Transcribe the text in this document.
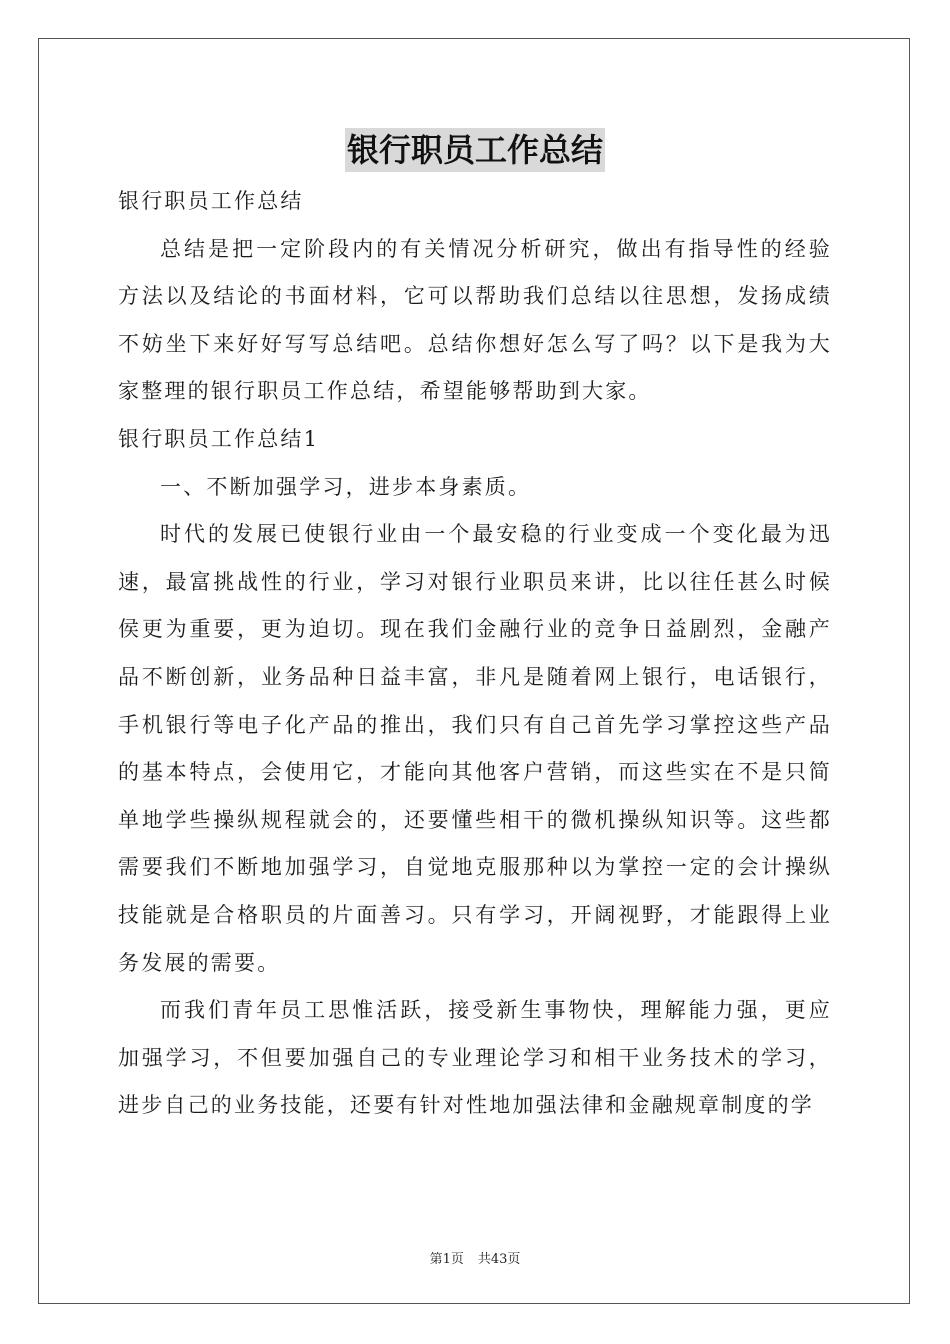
银行职员工作总结

银行职员工作总结

总结是把一定阶段内的有关情况分析研究，做出有指导性的经验方法以及结论的书面材料，它可以帮助我们总结以往思想，发扬成绩不妨坐下来好好写写总结吧。总结你想好怎么写了吗？以下是我为大家整理的银行职员工作总结，希望能够帮助到大家。

银行职员工作总结1

一、不断加强学习，进步本身素质。

时代的发展已使银行业由一个最安稳的行业变成一个变化最为迅速，最富挑战性的行业，学习对银行业职员来讲，比以往任甚么时候侯更为重要，更为迫切。现在我们金融行业的竞争日益剧烈，金融产品不断创新，业务品种日益丰富，非凡是随着网上银行，电话银行，手机银行等电子化产品的推出，我们只有自己首先学习掌控这些产品的基本特点，会使用它，才能向其他客户营销，而这些实在不是只简单地学些操纵规程就会的，还要懂些相干的微机操纵知识等。这些都需要我们不断地加强学习，自觉地克服那种以为掌控一定的会计操纵技能就是合格职员的片面善习。只有学习，开阔视野，才能跟得上业务发展的需要。

而我们青年员工思惟活跃，接受新生事物快，理解能力强，更应加强学习，不但要加强自己的专业理论学习和相干业务技术的学习，进步自己的业务技能，还要有针对性地加强法律和金融规章制度的学

第1页 共43页
